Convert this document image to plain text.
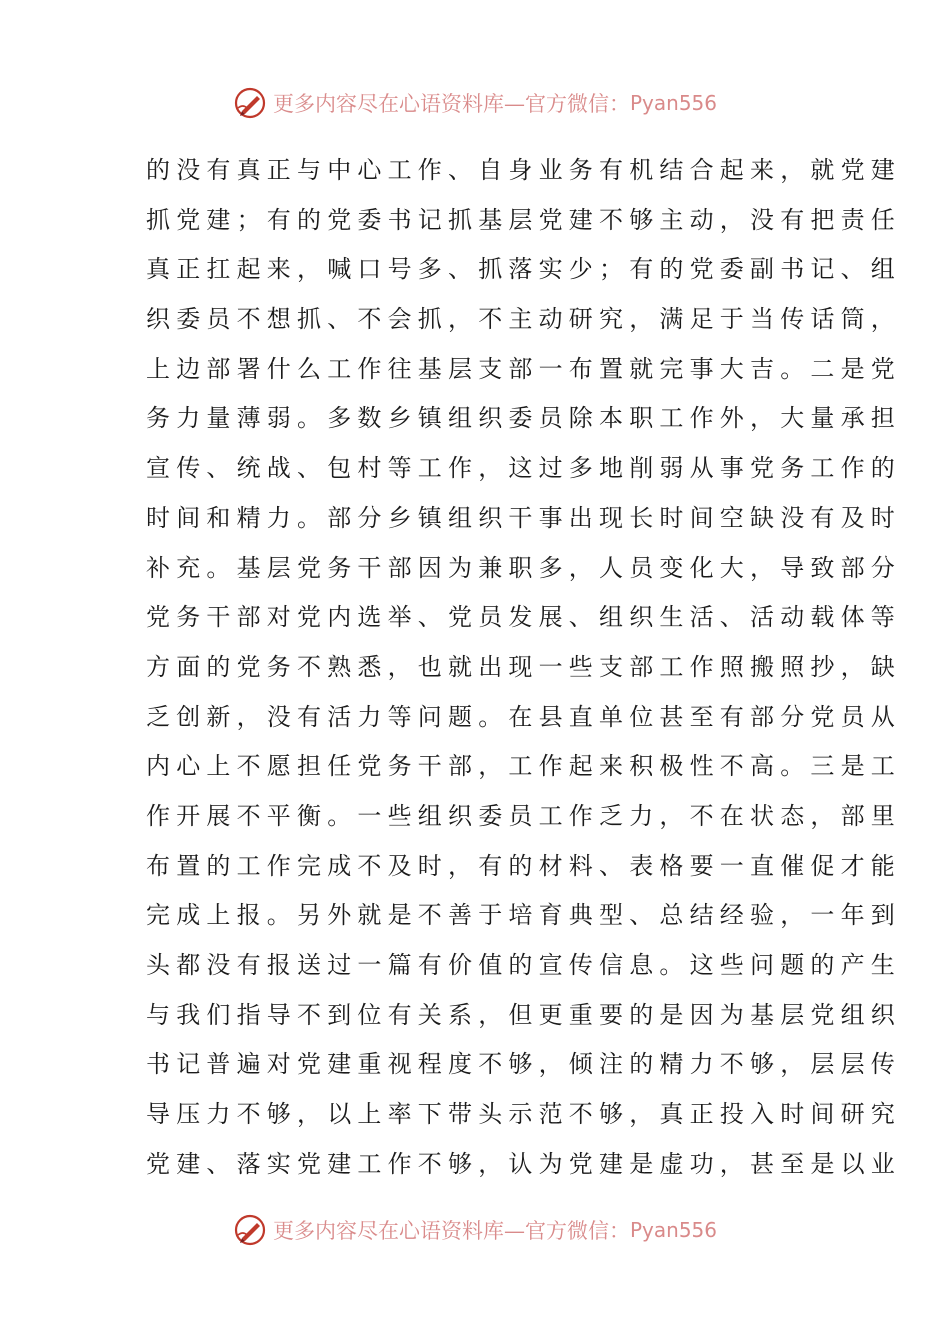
更多内容尽在心语资料库—官方微信： Pyan556
的没有真正与中心工作、自身业务有机结合起来，就党建
抓党建；有的党委书记抓基层党建不够主动，没有把责任
真正扛起来，喊口号多、抓落实少；有的党委副书记、组
织委员不想抓、不会抓，不主动研究，满足于当传话筒，
上边部署什么工作往基层支部一布置就完事大吉。二是党
务力量薄弱。多数乡镇组织委员除本职工作外，大量承担
宣传、统战、包村等工作，这过多地削弱从事党务工作的
时间和精力。部分乡镇组织干事出现长时间空缺没有及时
补充。基层党务干部因为兼职多，人员变化大，导致部分
党务干部对党内选举、党员发展、组织生活、活动载体等
方面的党务不熟悉，也就出现一些支部工作照搬照抄，缺
乏创新，没有活力等问题。在县直单位甚至有部分党员从
内心上不愿担任党务干部，工作起来积极性不高。三是工
作开展不平衡。一些组织委员工作乏力，不在状态，部里
布置的工作完成不及时，有的材料、表格要一直催促才能
完成上报。另外就是不善于培育典型、总结经验，一年到
头都没有报送过一篇有价值的宣传信息。这些问题的产生
与我们指导不到位有关系，但更重要的是因为基层党组织
书记普遍对党建重视程度不够，倾注的精力不够，层层传
导压力不够，以上率下带头示范不够，真正投入时间研究
党建、落实党建工作不够，认为党建是虚功，甚至是以业
更多内容尽在心语资料库—官方微信： Pyan556
